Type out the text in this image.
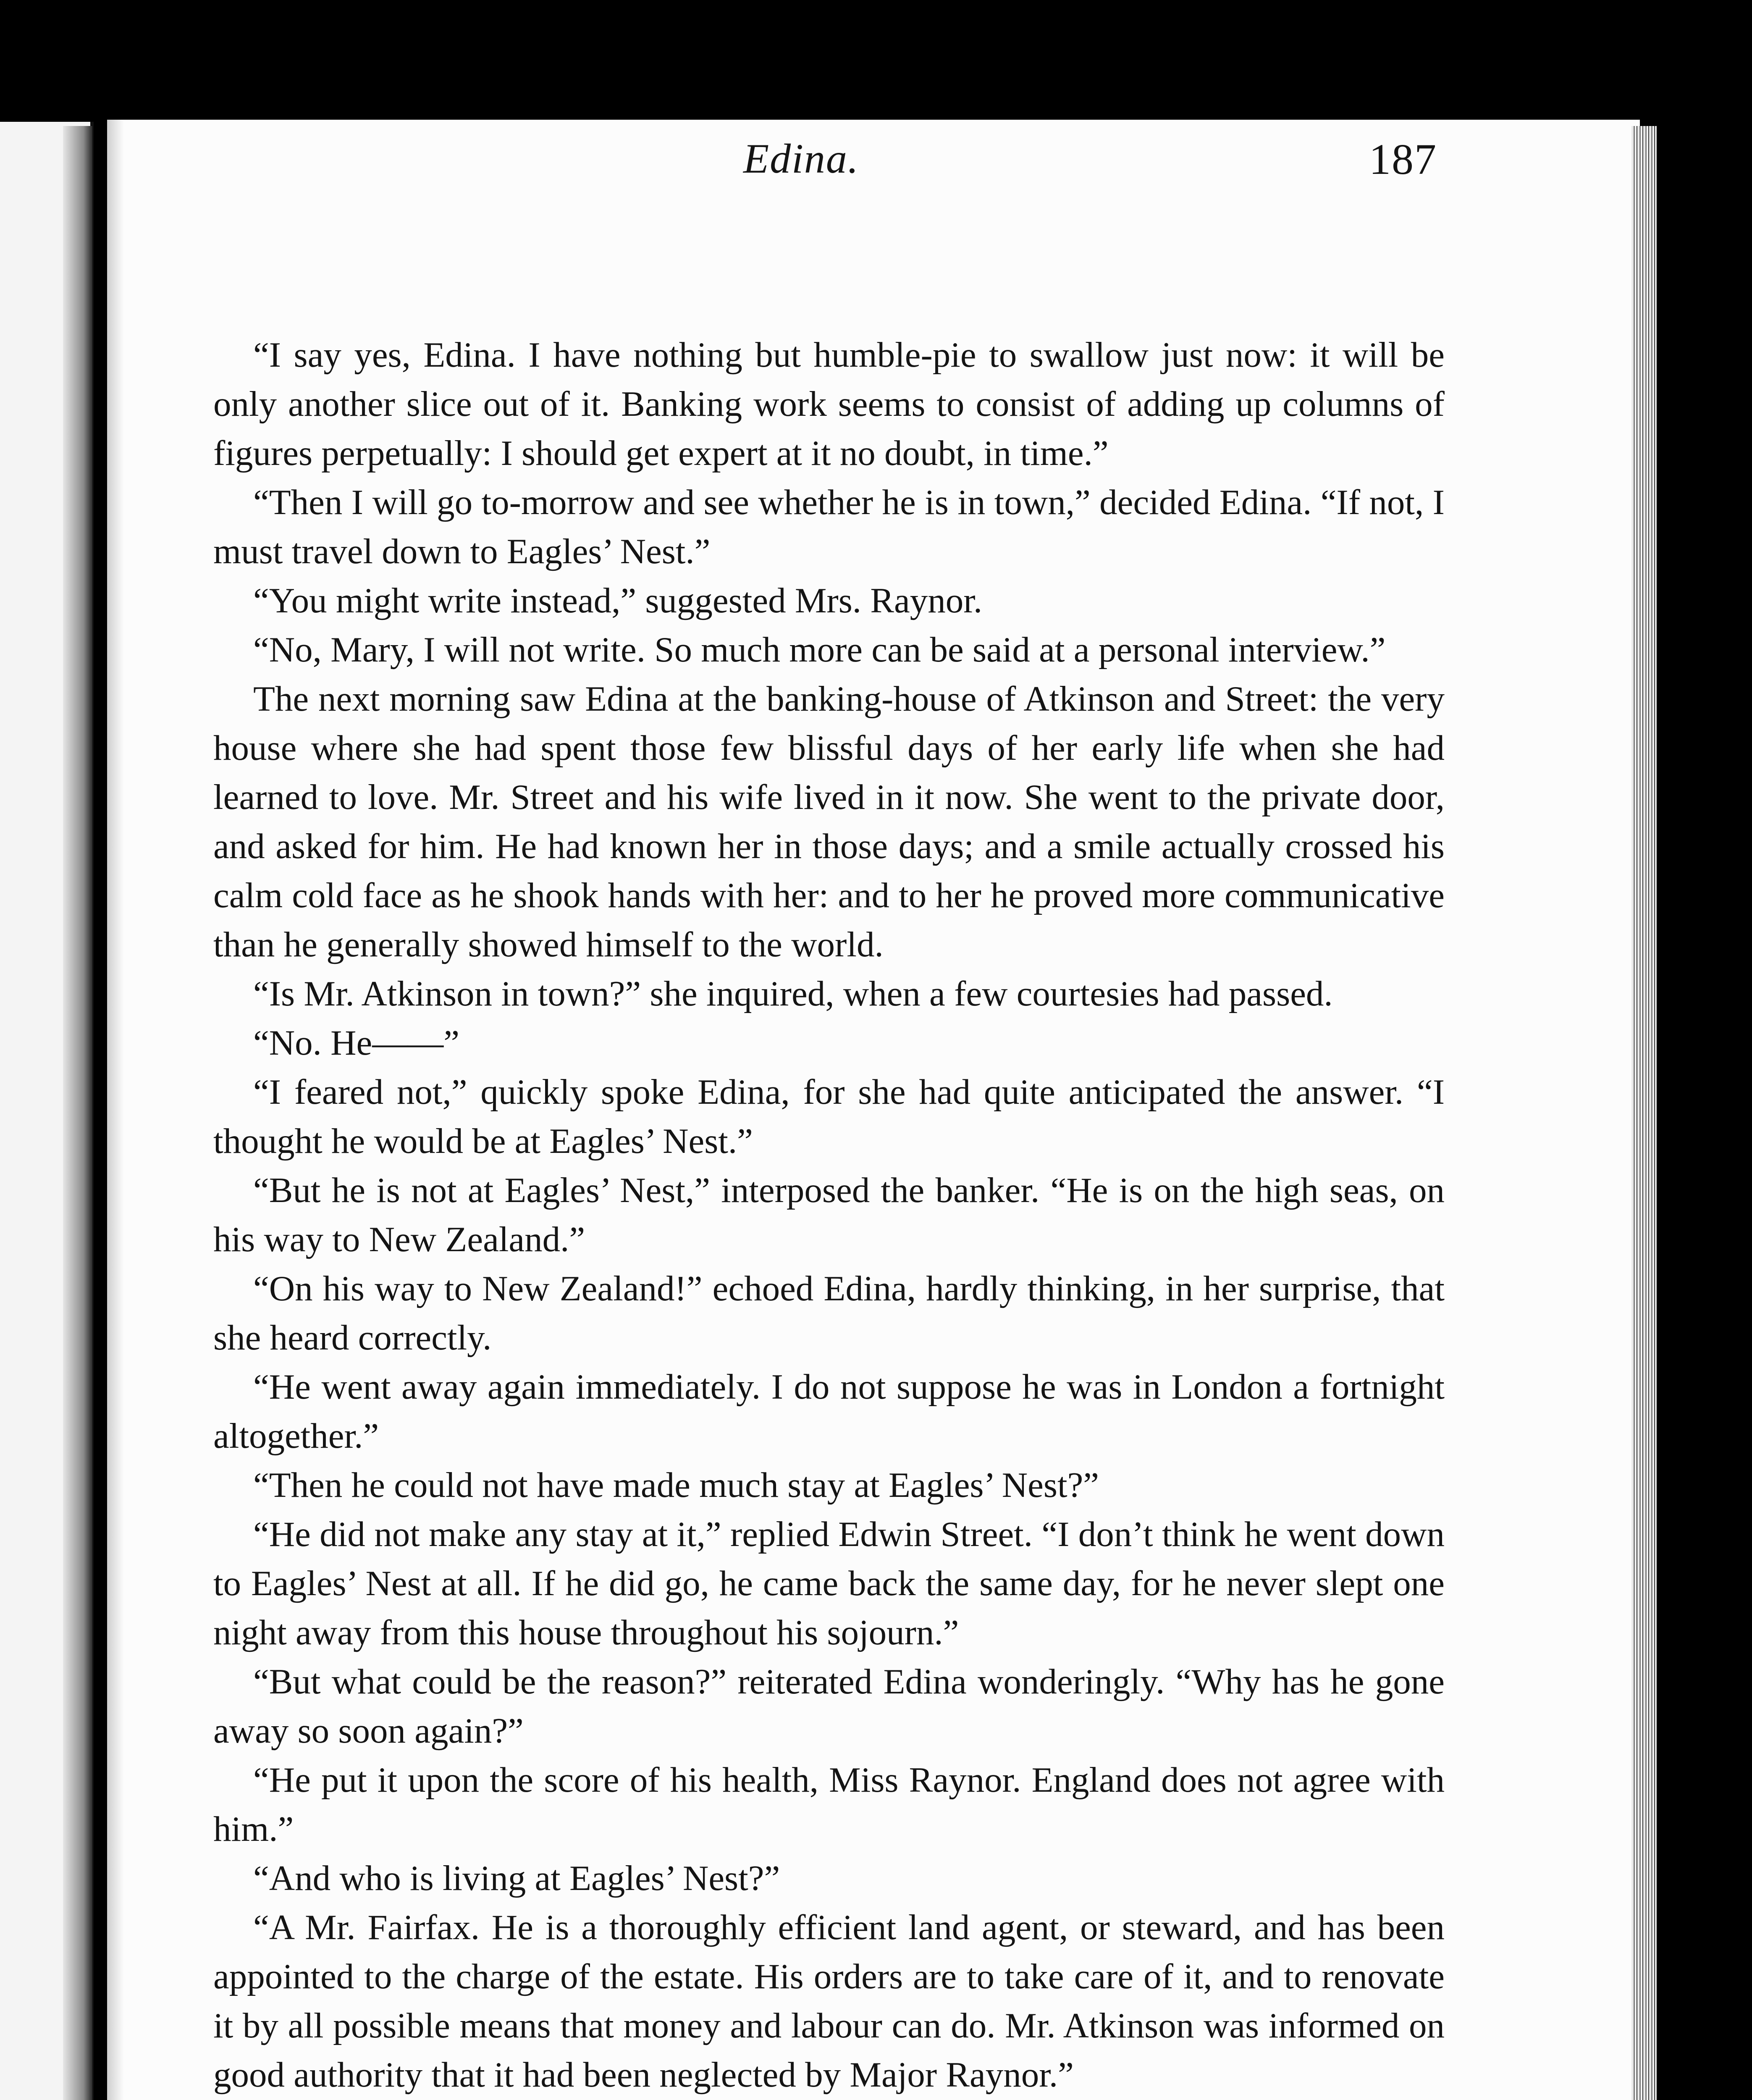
Edina.	187

“I say yes, Edina. I have nothing but humble-pie to swallow just now: it will be only another slice out of it. Banking work seems to consist of adding up columns of figures perpetually: I should get expert at it no doubt, in time.”

“Then I will go to-morrow and see whether he is in town,” decided Edina. “If not, I must travel down to Eagles’ Nest.”

“You might write instead,” suggested Mrs. Raynor.

“No, Mary, I will not write. So much more can be said at a personal interview.”

The next morning saw Edina at the banking-house of Atkinson and Street: the very house where she had spent those few blissful days of her early life when she had learned to love. Mr. Street and his wife lived in it now. She went to the private door, and asked for him. He had known her in those days; and a smile actually crossed his calm cold face as he shook hands with her: and to her he proved more communicative than he generally showed himself to the world.

“Is Mr. Atkinson in town?” she inquired, when a few courtesies had passed.

“No. He——”

“I feared not,” quickly spoke Edina, for she had quite anticipated the answer. “I thought he would be at Eagles’ Nest.”

“But he is not at Eagles’ Nest,” interposed the banker. “He is on the high seas, on his way to New Zealand.”

“On his way to New Zealand!” echoed Edina, hardly thinking, in her surprise, that she heard correctly.

“He went away again immediately. I do not suppose he was in London a fortnight altogether.”

“Then he could not have made much stay at Eagles’ Nest?”

“He did not make any stay at it,” replied Edwin Street. “I don’t think he went down to Eagles’ Nest at all. If he did go, he came back the same day, for he never slept one night away from this house throughout his sojourn.”

“But what could be the reason?” reiterated Edina wonderingly. “Why has he gone away so soon again?”

“He put it upon the score of his health, Miss Raynor. England does not agree with him.”

“And who is living at Eagles’ Nest?”

“A Mr. Fairfax. He is a thoroughly efficient land agent, or steward, and has been appointed to the charge of the estate. His orders are to take care of it, and to renovate it by all possible means that money and labour can do. Mr. Atkinson was informed on good authority that it had been neglected by Major Raynor.”
